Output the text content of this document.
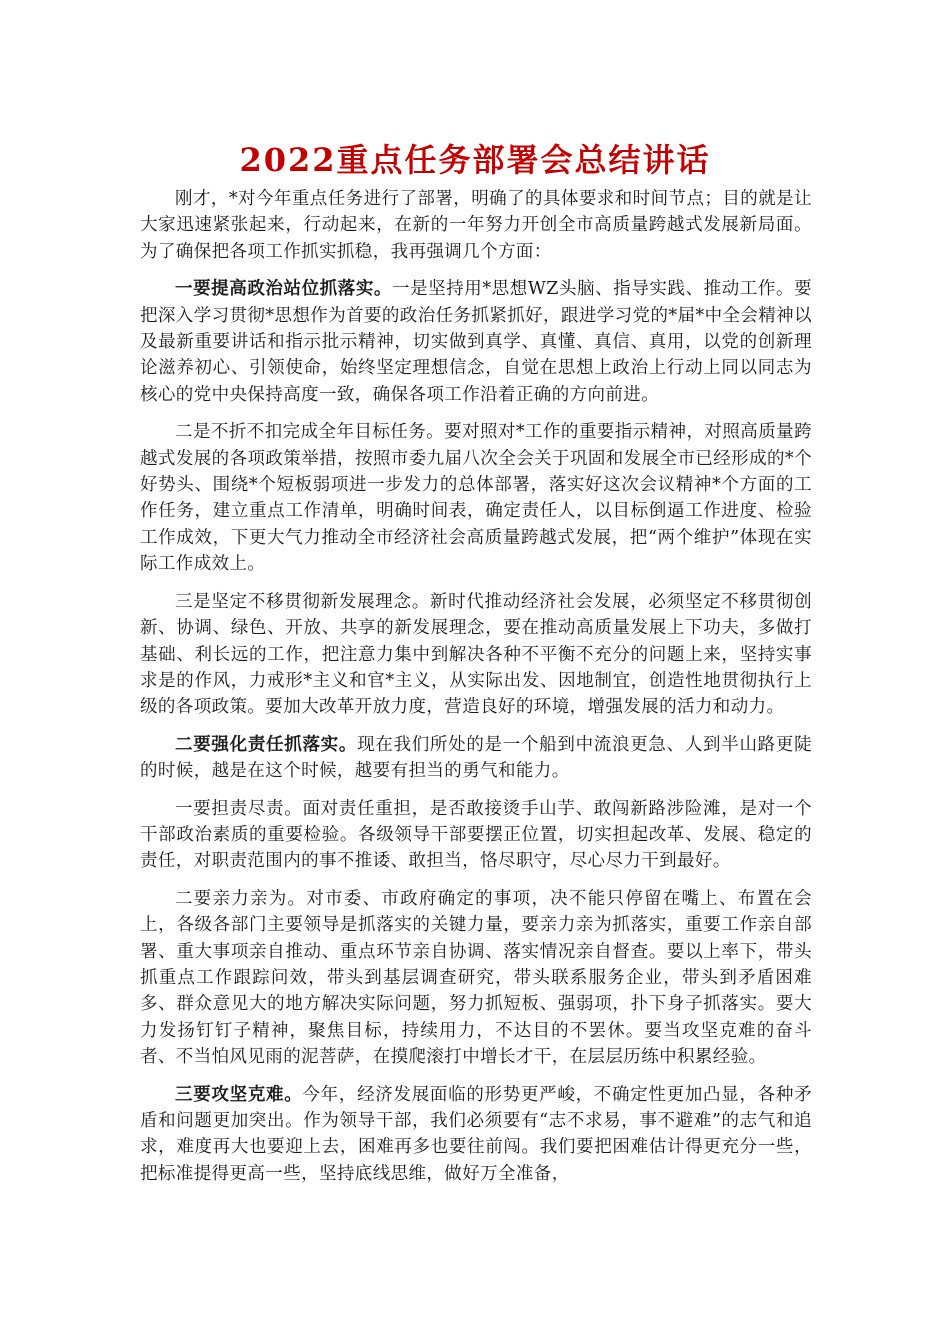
2022重点任务部署会总结讲话

刚才，*对今年重点任务进行了部署，明确了的具体要求和时间节点；目的就是让大家迅速紧张起来，行动起来，在新的一年努力开创全市高质量跨越式发展新局面。为了确保把各项工作抓实抓稳，我再强调几个方面：

一要提高政治站位抓落实。一是坚持用*思想WZ头脑、指导实践、推动工作。要把深入学习贯彻*思想作为首要的政治任务抓紧抓好，跟进学习党的*届*中全会精神以及最新重要讲话和指示批示精神，切实做到真学、真懂、真信、真用，以党的创新理论滋养初心、引领使命，始终坚定理想信念，自觉在思想上政治上行动上同以同志为核心的党中央保持高度一致，确保各项工作沿着正确的方向前进。

二是不折不扣完成全年目标任务。要对照对*工作的重要指示精神，对照高质量跨越式发展的各项政策举措，按照市委九届八次全会关于巩固和发展全市已经形成的*个好势头、围绕*个短板弱项进一步发力的总体部署，落实好这次会议精神*个方面的工作任务，建立重点工作清单，明确时间表，确定责任人，以目标倒逼工作进度、检验工作成效，下更大气力推动全市经济社会高质量跨越式发展，把“两个维护”体现在实际工作成效上。

三是坚定不移贯彻新发展理念。新时代推动经济社会发展，必须坚定不移贯彻创新、协调、绿色、开放、共享的新发展理念，要在推动高质量发展上下功夫，多做打基础、利长远的工作，把注意力集中到解决各种不平衡不充分的问题上来，坚持实事求是的作风，力戒形*主义和官*主义，从实际出发、因地制宜，创造性地贯彻执行上级的各项政策。要加大改革开放力度，营造良好的环境，增强发展的活力和动力。

二要强化责任抓落实。现在我们所处的是一个船到中流浪更急、人到半山路更陡的时候，越是在这个时候，越要有担当的勇气和能力。

一要担责尽责。面对责任重担，是否敢接烫手山芋、敢闯新路涉险滩，是对一个干部政治素质的重要检验。各级领导干部要摆正位置，切实担起改革、发展、稳定的责任，对职责范围内的事不推诿、敢担当，恪尽职守，尽心尽力干到最好。

二要亲力亲为。对市委、市政府确定的事项，决不能只停留在嘴上、布置在会上，各级各部门主要领导是抓落实的关键力量，要亲力亲为抓落实，重要工作亲自部署、重大事项亲自推动、重点环节亲自协调、落实情况亲自督查。要以上率下，带头抓重点工作跟踪问效，带头到基层调查研究，带头联系服务企业，带头到矛盾困难多、群众意见大的地方解决实际问题，努力抓短板、强弱项，扑下身子抓落实。要大力发扬钉钉子精神，聚焦目标，持续用力，不达目的不罢休。要当攻坚克难的奋斗者、不当怕风见雨的泥菩萨，在摸爬滚打中增长才干，在层层历练中积累经验。

三要攻坚克难。今年，经济发展面临的形势更严峻，不确定性更加凸显，各种矛盾和问题更加突出。作为领导干部，我们必须要有“志不求易，事不避难”的志气和追求，难度再大也要迎上去，困难再多也要往前闯。我们要把困难估计得更充分一些，把标准提得更高一些，坚持底线思维，做好万全准备，
